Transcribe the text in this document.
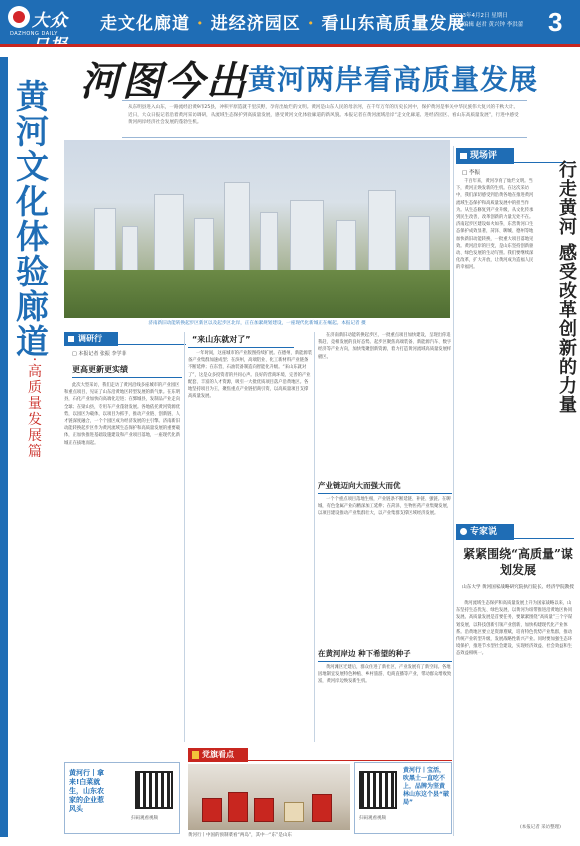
大众
DAZHONG DAILY 走文化廊道 · 进经济园区 · 看山东高质量发展
2023年4月2日 星期日
责任编辑 赵君 黄兴钟 李洪蕾 3
黄河文化体验廊道
·高质量发展篇
河图今出 黄河两岸看高质量发展
从东明县进入山东，一路流经沿黄9市25县，冲积平原造就千里沃野，孕育出灿烂的文明。黄河是山东人民的母亲河，在千年万年的历史长河中，保护黄河是事关中华民族伟大复兴的千秋大计。近日，大众日报记者沿着黄河采访调研，从流域生态保护到高质量发展，感受黄河文化体验廊道的新风貌。本报记者在黄河流域沿岸“走文化廊道、进经济园区、看山东高质量发展”，行进中感受黄河两岸经济社会发展的蓬勃生机。
济南新旧动能转换起步区新区以及起步区北岸，正在加紧规划建设，一座现代化新城正在崛起。本报记者 摄
现场评
□ 李振
千百年来，黄河孕育了灿烂文明。当下，黄河正焕发新的生机。在这次采访中，我们深切感受到沿黄各地在推进黄河流域生态保护和高质量发展中的担当作为。从生态修复到产业升级，从文化传承到民生改善，改革创新的力量无处不在。济南起步区建设如火如荼，东营黄河口生态保护成效显著，菏泽、聊城、德州等地加快新旧动能转换，一批重大项目落地见效。黄河沿岸的巨变，是山东坚持创新驱动、绿色发展的生动写照。我们要继续深化改革，扩大开放，让黄河成为造福人民的幸福河。	行走黄河 感受改革创新的力量
专家说
紧紧围绕“高质量”谋划发展
山东大学 黄河国家战略研究院执行院长、经济学院教授
黄河流域生态保护和高质量发展上升为国家战略以来，山东坚持生态优先、绿色发展，以黄河为纽带推进沿黄地区协同发展。高质量发展是首要任务，要紧紧围绕“高质量”三个字谋划发展，以科技创新引领产业创新，加快构建现代化产业体系。沿黄地区要立足资源禀赋，培育特色优势产业集群，推动传统产业转型升级，发展战略性新兴产业。同时要加强生态环境保护，推进节水型社会建设，实现经济效益、社会效益和生态效益相统一。
(本报记者 采访整理)
调研行
□ 本报记者 张振 李学菲
更高更新更实绩
此次大型采访，我们走访了黄河沿线多座城市的产业园区和重点项目，见证了山东沿黄地区转型发展的新气象。在东明县，石化产业加快向高端化迈进；在鄄城县，发制品产业走向全球；在梁山县，专用车产业蓬勃发展。各地依托黄河资源优势，以园区为载体，以项目为抓手，推动产业链、创新链、人才链深度融合，一个个园区成为经济发展的主引擎。济南新旧动能转换起步区作为黄河流域生态保护和高质量发展的重要载体，正加快推进基础设施建设和产业项目落地，一座现代化新城正在拔地而起。
“来山东就对了”
一年时间，这座城市的产业版图持续扩展。在德州，新能源装备产业集群加速成型；在滨州，高端铝业、化工新材料产业链条不断延伸；在东营，石油装备制造向智能化升级。“来山东就对了”，这是众多投资者的共同心声。良好的营商环境、完善的产业配套、丰富的人才资源，吸引一大批优质项目落户沿黄地区。各地坚持项目为王，聚焦重点产业链招商引资，以高质量项目支撑高质量发展。
在济南新旧动能转换起步区，一批重点项目加快建设，呈现出你追我赶、竞相发展的良好态势。起步区聚焦高端装备、新能源汽车、数字经济等产业方向，加快集聚创新资源，着力打造黄河流域高质量发展样板区。
产业链迈向大而强大而优
一个个重点项目落地生根，产业链条不断延链、补链、强链。在聊城，有色金属产业向精深加工延伸；在菏泽，生物医药产业集聚发展，以项目建设推动产业集群壮大，以产业集群支撑区域经济发展。
在黄河岸边 种下希望的种子
黄河滩区迁建后，群众住进了新社区，产业发展有了新空间。各地因地制宜发展特色种植、乡村旅游、电商直播等产业，带动群众增收致富，黄河岸边焕发新生机。
党旗看点
黄河行丨中国的预制菜看“两岛”，其中一“东”是山东
黄河行丨拿来!白菜就生，山东农家的企业惹风头
扫码观看视频
黄河行丨宝活，吹黑土一直吃不上，品牌为坚黄林山东这个县“破局”
扫码观看视频
